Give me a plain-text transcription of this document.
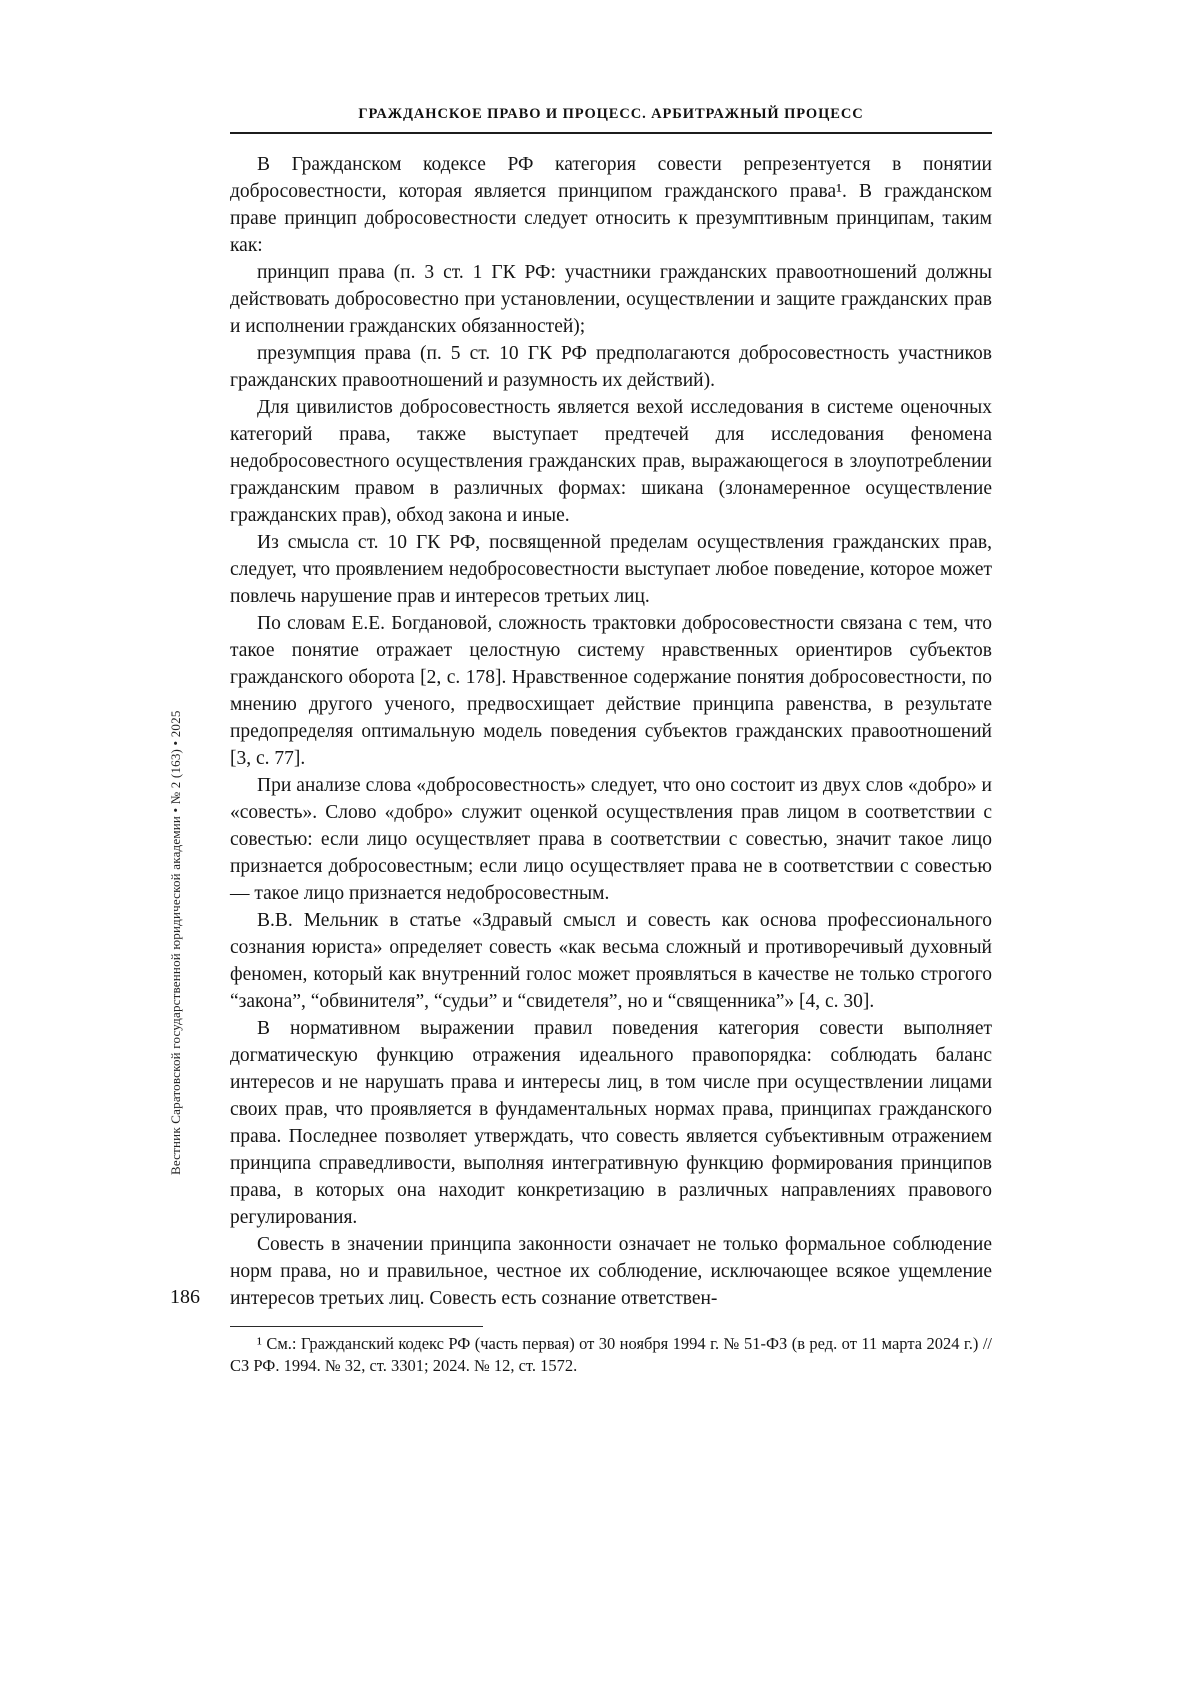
Вестник Саратовской государственной юридической академии • № 2 (163) • 2025
186
ГРАЖДАНСКОЕ ПРАВО И ПРОЦЕСС. АРБИТРАЖНЫЙ ПРОЦЕСС

В Гражданском кодексе РФ категория совести репрезентуется в понятии добросовестности, которая является принципом гражданского права¹. В гражданском праве принцип добросовестности следует относить к презумптивным принципам, таким как:

принцип права (п. 3 ст. 1 ГК РФ: участники гражданских правоотношений должны действовать добросовестно при установлении, осуществлении и защите гражданских прав и исполнении гражданских обязанностей);

презумпция права (п. 5 ст. 10 ГК РФ предполагаются добросовестность участников гражданских правоотношений и разумность их действий).

Для цивилистов добросовестность является вехой исследования в системе оценочных категорий права, также выступает предтечей для исследования феномена недобросовестного осуществления гражданских прав, выражающегося в злоупотреблении гражданским правом в различных формах: шикана (злонамеренное осуществление гражданских прав), обход закона и иные.

Из смысла ст. 10 ГК РФ, посвященной пределам осуществления гражданских прав, следует, что проявлением недобросовестности выступает любое поведение, которое может повлечь нарушение прав и интересов третьих лиц.

По словам Е.Е. Богдановой, сложность трактовки добросовестности связана с тем, что такое понятие отражает целостную систему нравственных ориентиров субъектов гражданского оборота [2, с. 178]. Нравственное содержание понятия добросовестности, по мнению другого ученого, предвосхищает действие принципа равенства, в результате предопределяя оптимальную модель поведения субъектов гражданских правоотношений [3, с. 77].

При анализе слова «добросовестность» следует, что оно состоит из двух слов «добро» и «совесть». Слово «добро» служит оценкой осуществления прав лицом в соответствии с совестью: если лицо осуществляет права в соответствии с совестью, значит такое лицо признается добросовестным; если лицо осуществляет права не в соответствии с совестью — такое лицо признается недобросовестным.

В.В. Мельник в статье «Здравый смысл и совесть как основа профессионального сознания юриста» определяет совесть «как весьма сложный и противоречивый духовный феномен, который как внутренний голос может проявляться в качестве не только строгого “закона”, “обвинителя”, “судьи” и “свидетеля”, но и “священника”» [4, с. 30].

В нормативном выражении правил поведения категория совести выполняет догматическую функцию отражения идеального правопорядка: соблюдать баланс интересов и не нарушать права и интересы лиц, в том числе при осуществлении лицами своих прав, что проявляется в фундаментальных нормах права, принципах гражданского права. Последнее позволяет утверждать, что совесть является субъективным отражением принципа справедливости, выполняя интегративную функцию формирования принципов права, в которых она находит конкретизацию в различных направлениях правового регулирования.

Совесть в значении принципа законности означает не только формальное соблюдение норм права, но и правильное, честное их соблюдение, исключающее всякое ущемление интересов третьих лиц. Совесть есть сознание ответствен-

¹ См.: Гражданский кодекс РФ (часть первая) от 30 ноября 1994 г. № 51-ФЗ (в ред. от 11 марта 2024 г.) // СЗ РФ. 1994. № 32, ст. 3301; 2024. № 12, ст. 1572.
